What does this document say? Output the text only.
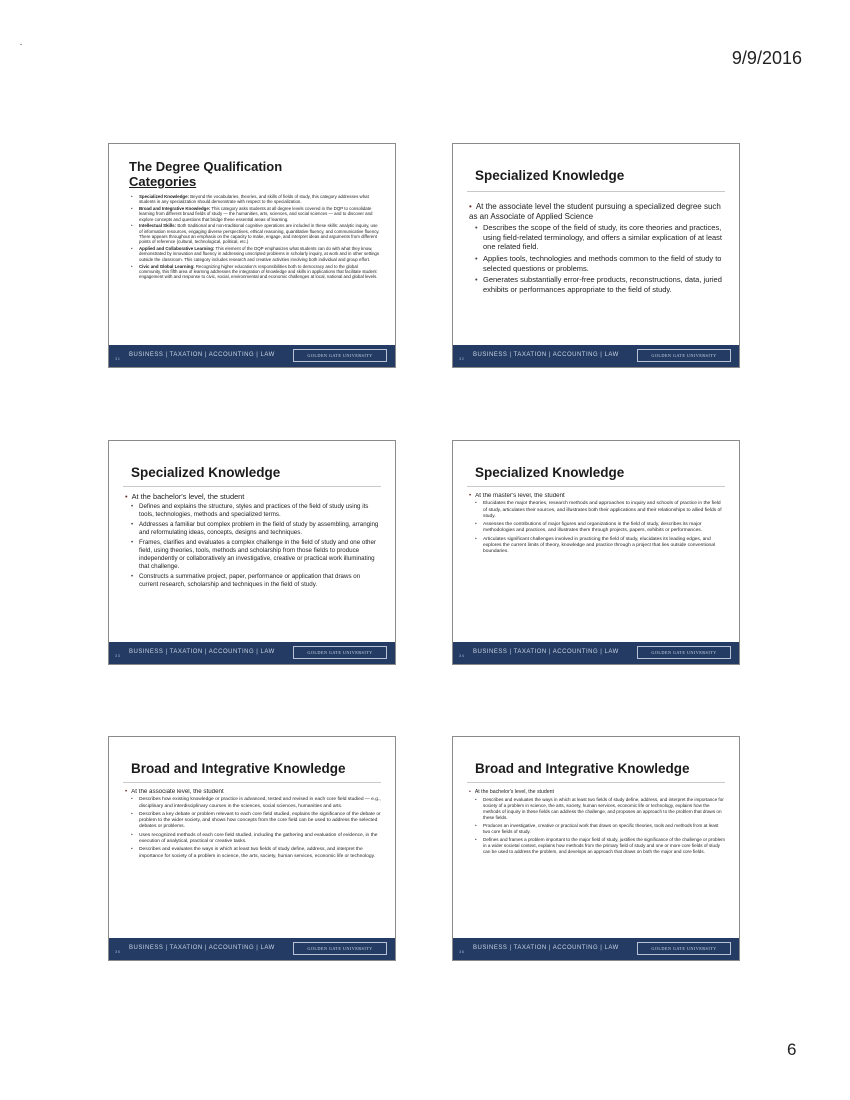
9/9/2016
The Degree Qualification
Categories
• Specialized Knowledge: Beyond the vocabularies, theories, and skills of fields of study, this category addresses what students in any specialization should demonstrate with respect to the specialization.
• Broad and Integrative Knowledge: This category asks students at all degree levels covered in the DQP to consolidate learning from different broad fields of study — the humanities, arts, sciences, and social sciences — and to discover and explore concepts and questions that bridge these essential areas of learning.
• Intellectual Skills: Both traditional and non-traditional cognitive operations are included in these skills: analytic inquiry, use of information resources, engaging diverse perspectives, ethical reasoning, quantitative fluency, and communicative fluency. There appears throughout an emphasis on the capacity to make, engage, and interpret ideas and arguments from different points of reference (cultural, technological, political, etc.)
• Applied and Collaborative Learning: This element of the DQP emphasizes what students can do with what they know, demonstrated by innovation and fluency in addressing unscripted problems in scholarly inquiry, at work and in other settings outside the classroom. This category includes research and creative activities involving both individual and group effort.
• Civic and Global Learning: Recognizing higher education's responsibilities both to democracy and to the global community, this fifth area of learning addresses the integration of knowledge and skills in applications that facilitate student engagement with and response to civic, social, environmental and economic challenges at local, national and global levels.
31
BUSINESS | TAXATION | ACCOUNTING | LAW	GOLDEN GATE UNIVERSITY
Specialized Knowledge

• At the associate level the student pursuing a specialized degree such as an Associate of Applied Science

• Describes the scope of the field of study, its core theories and practices, using field-related terminology, and offers a similar explication of at least one related field.
• Applies tools, technologies and methods common to the field of study to selected questions or problems.
• Generates substantially error-free products, reconstructions, data, juried exhibits or performances appropriate to the field of study.
32
BUSINESS | TAXATION | ACCOUNTING | LAW	GOLDEN GATE UNIVERSITY
Specialized Knowledge

• At the bachelor's level, the student

• Defines and explains the structure, styles and practices of the field of study using its tools, technologies, methods and specialized terms.
• Addresses a familiar but complex problem in the field of study by assembling, arranging and reformulating ideas, concepts, designs and techniques.
• Frames, clarifies and evaluates a complex challenge in the field of study and one other field, using theories, tools, methods and scholarship from those fields to produce independently or collaboratively an investigative, creative or practical work illuminating that challenge.
• Constructs a summative project, paper, performance or application that draws on current research, scholarship and techniques in the field of study.
33
BUSINESS | TAXATION | ACCOUNTING | LAW	GOLDEN GATE UNIVERSITY
Specialized Knowledge

• At the master's level, the student

• Elucidates the major theories, research methods and approaches to inquiry and schools of practice in the field of study, articulates their sources, and illustrates both their applications and their relationships to allied fields of study.
• Assesses the contributions of major figures and organizations in the field of study, describes its major methodologies and practices, and illustrates them through projects, papers, exhibits or performances.
• Articulates significant challenges involved in practicing the field of study, elucidates its leading edges, and explores the current limits of theory, knowledge and practice through a project that lies outside conventional boundaries.
34
BUSINESS | TAXATION | ACCOUNTING | LAW	GOLDEN GATE UNIVERSITY
Broad and Integrative Knowledge

• At the associate level, the student

• Describes how existing knowledge or practice is advanced, tested and revised in each core field studied — e.g., disciplinary and interdisciplinary courses in the sciences, social sciences, humanities and arts.
• Describes a key debate or problem relevant to each core field studied, explains the significance of the debate or problem to the wider society, and shows how concepts from the core field can be used to address the selected debates or problems.
• Uses recognized methods of each core field studied, including the gathering and evaluation of evidence, in the execution of analytical, practical or creative tasks.
• Describes and evaluates the ways in which at least two fields of study define, address, and interpret the importance for society of a problem in science, the arts, society, human services, economic life or technology.
35
BUSINESS | TAXATION | ACCOUNTING | LAW	GOLDEN GATE UNIVERSITY
Broad and Integrative Knowledge

• At the bachelor's level, the student

• Describes and evaluates the ways in which at least two fields of study define, address, and interpret the importance for society of a problem in science, the arts, society, human services, economic life or technology, explains how the methods of inquiry in these fields can address the challenge, and proposes an approach to the problem that draws on these fields.
• Produces an investigative, creative or practical work that draws on specific theories, tools and methods from at least two core fields of study.
• Defines and frames a problem important to the major field of study, justifies the significance of the challenge or problem in a wider societal context, explains how methods from the primary field of study and one or more core fields of study can be used to address the problem, and develops an approach that draws on both the major and core fields.
36
BUSINESS | TAXATION | ACCOUNTING | LAW	GOLDEN GATE UNIVERSITY
6
